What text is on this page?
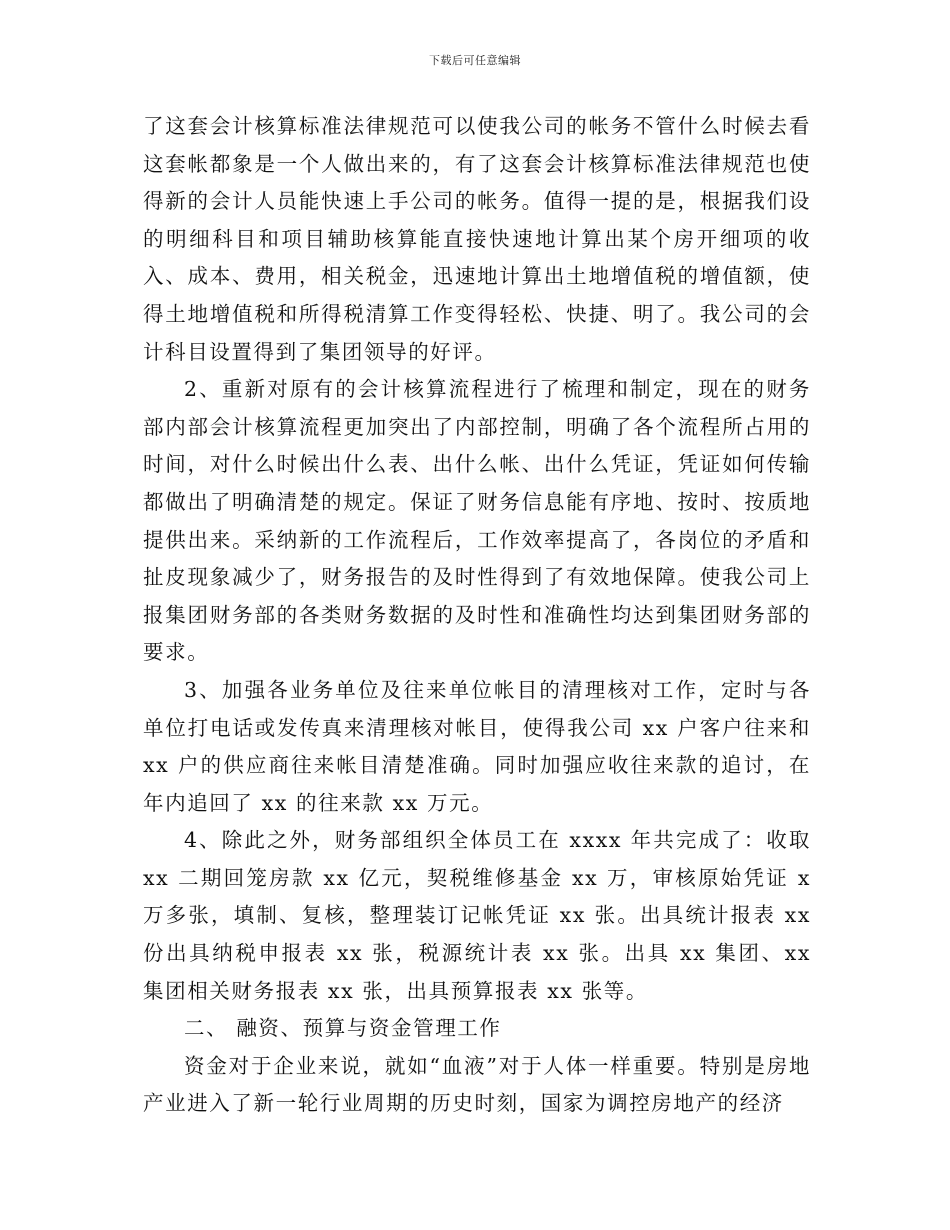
下载后可任意编辑

了这套会计核算标准法律规范可以使我公司的帐务不管什么时候去看这套帐都象是一个人做出来的，有了这套会计核算标准法律规范也使得新的会计人员能快速上手公司的帐务。值得一提的是，根据我们设的明细科目和项目辅助核算能直接快速地计算出某个房开细项的收入、成本、费用，相关税金，迅速地计算出土地增值税的增值额，使得土地增值税和所得税清算工作变得轻松、快捷、明了。我公司的会计科目设置得到了集团领导的好评。

2、重新对原有的会计核算流程进行了梳理和制定，现在的财务部内部会计核算流程更加突出了内部控制，明确了各个流程所占用的时间，对什么时候出什么表、出什么帐、出什么凭证，凭证如何传输都做出了明确清楚的规定。保证了财务信息能有序地、按时、按质地提供出来。采纳新的工作流程后，工作效率提高了，各岗位的矛盾和扯皮现象减少了，财务报告的及时性得到了有效地保障。使我公司上报集团财务部的各类财务数据的及时性和准确性均达到集团财务部的要求。

3、加强各业务单位及往来单位帐目的清理核对工作，定时与各单位打电话或发传真来清理核对帐目，使得我公司 xx 户客户往来和 xx 户的供应商往来帐目清楚准确。同时加强应收往来款的追讨，在年内追回了 xx 的往来款 xx 万元。

4、除此之外，财务部组织全体员工在 xxxx 年共完成了：收取 xx 二期回笼房款 xx 亿元，契税维修基金 xx 万，审核原始凭证 x 万多张，填制、复核，整理装订记帐凭证 xx 张。出具统计报表 xx 份出具纳税申报表 xx 张，税源统计表 xx 张。出具 xx 集团、xx 集团相关财务报表 xx 张，出具预算报表 xx 张等。

二、 融资、预算与资金管理工作

资金对于企业来说，就如“血液”对于人体一样重要。特别是房地产业进入了新一轮行业周期的历史时刻，国家为调控房地产的经济
